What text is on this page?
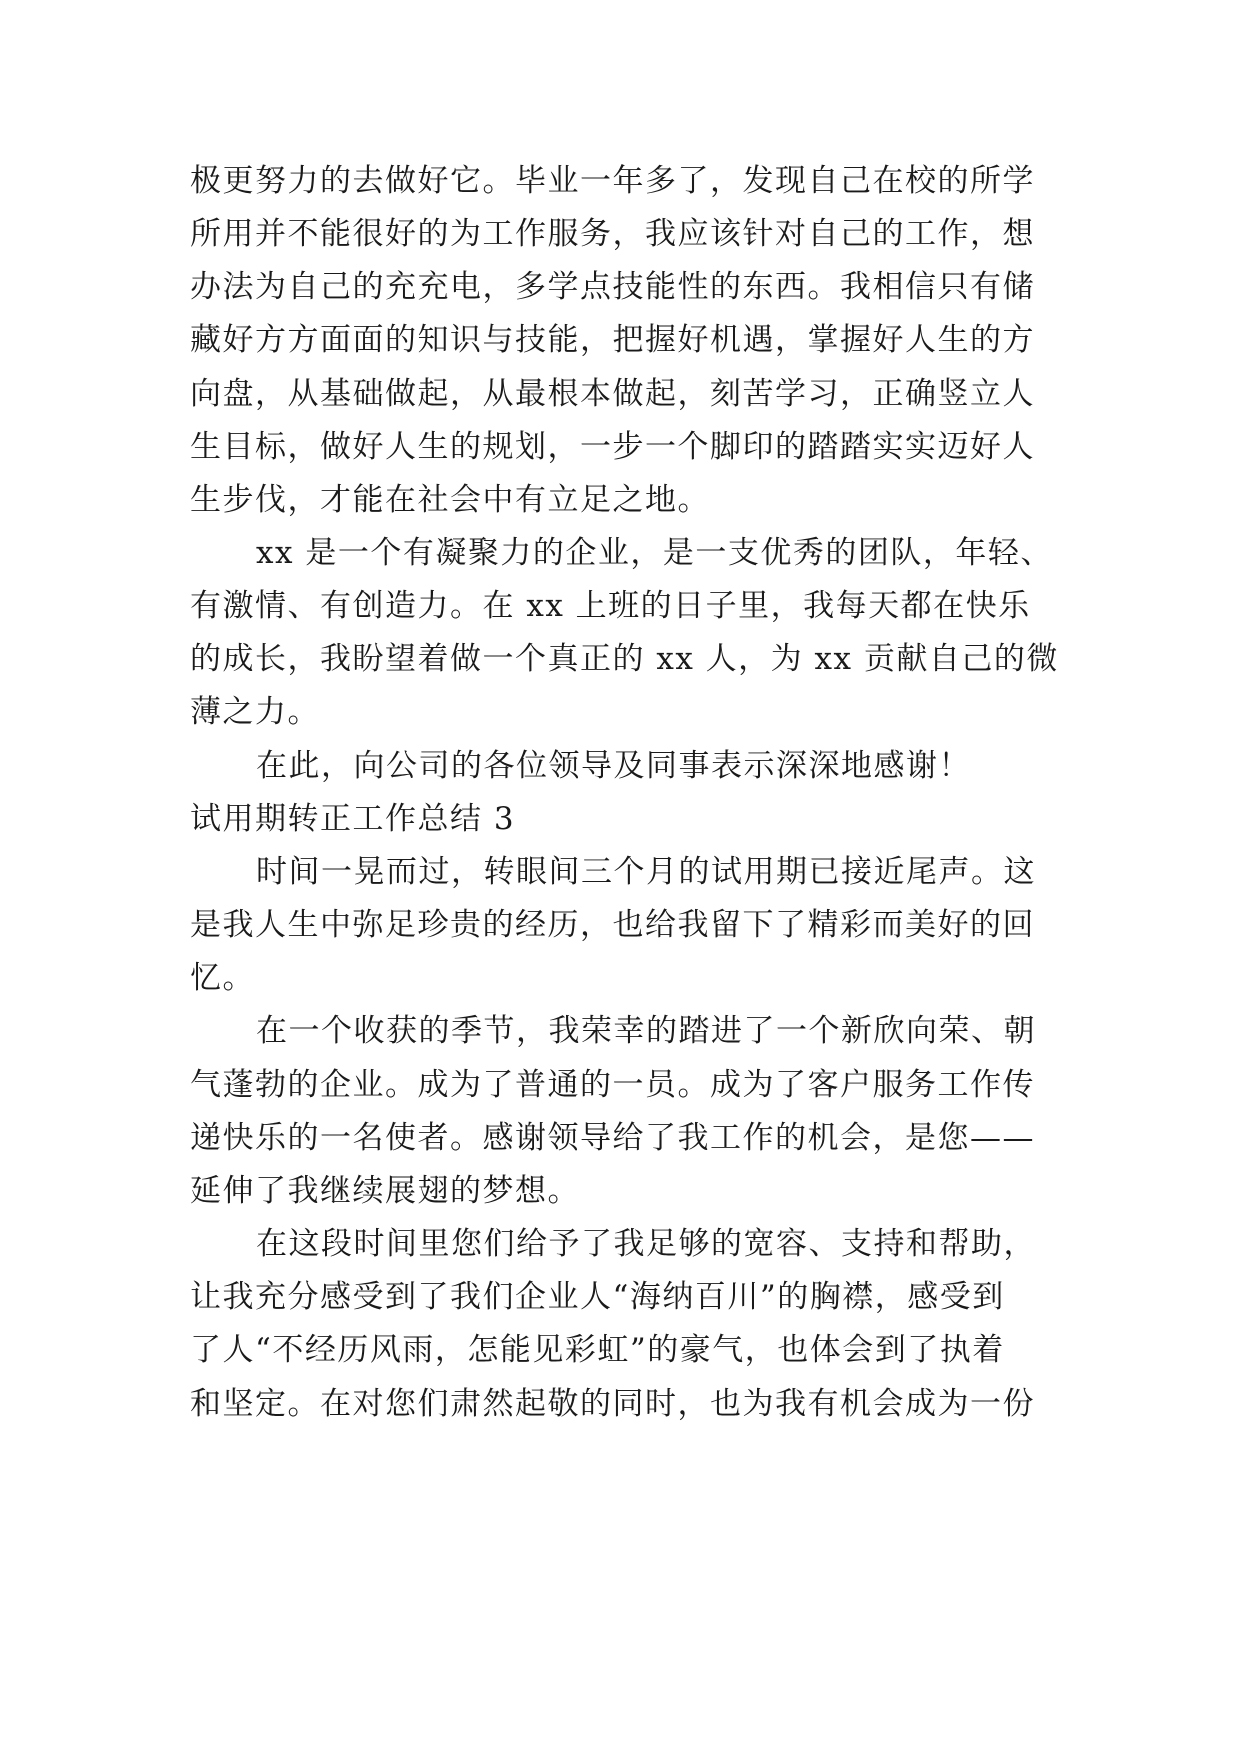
极更努力的去做好它。毕业一年多了，发现自己在校的所学
所用并不能很好的为工作服务，我应该针对自己的工作，想
办法为自己的充充电，多学点技能性的东西。我相信只有储
藏好方方面面的知识与技能，把握好机遇，掌握好人生的方
向盘，从基础做起，从最根本做起，刻苦学习，正确竖立人
生目标，做好人生的规划，一步一个脚印的踏踏实实迈好人
生步伐，才能在社会中有立足之地。
xx 是一个有凝聚力的企业，是一支优秀的团队，年轻、
有激情、有创造力。在 xx 上班的日子里，我每天都在快乐
的成长，我盼望着做一个真正的 xx 人，为 xx 贡献自己的微
薄之力。
在此，向公司的各位领导及同事表示深深地感谢！
试用期转正工作总结 3
时间一晃而过，转眼间三个月的试用期已接近尾声。这
是我人生中弥足珍贵的经历，也给我留下了精彩而美好的回
忆。
在一个收获的季节，我荣幸的踏进了一个新欣向荣、朝
气蓬勃的企业。成为了普通的一员。成为了客户服务工作传
递快乐的一名使者。感谢领导给了我工作的机会，是您——
延伸了我继续展翅的梦想。
在这段时间里您们给予了我足够的宽容、支持和帮助，
让我充分感受到了我们企业人“海纳百川”的胸襟，感受到
了人“不经历风雨，怎能见彩虹”的豪气，也体会到了执着
和坚定。在对您们肃然起敬的同时，也为我有机会成为一份
